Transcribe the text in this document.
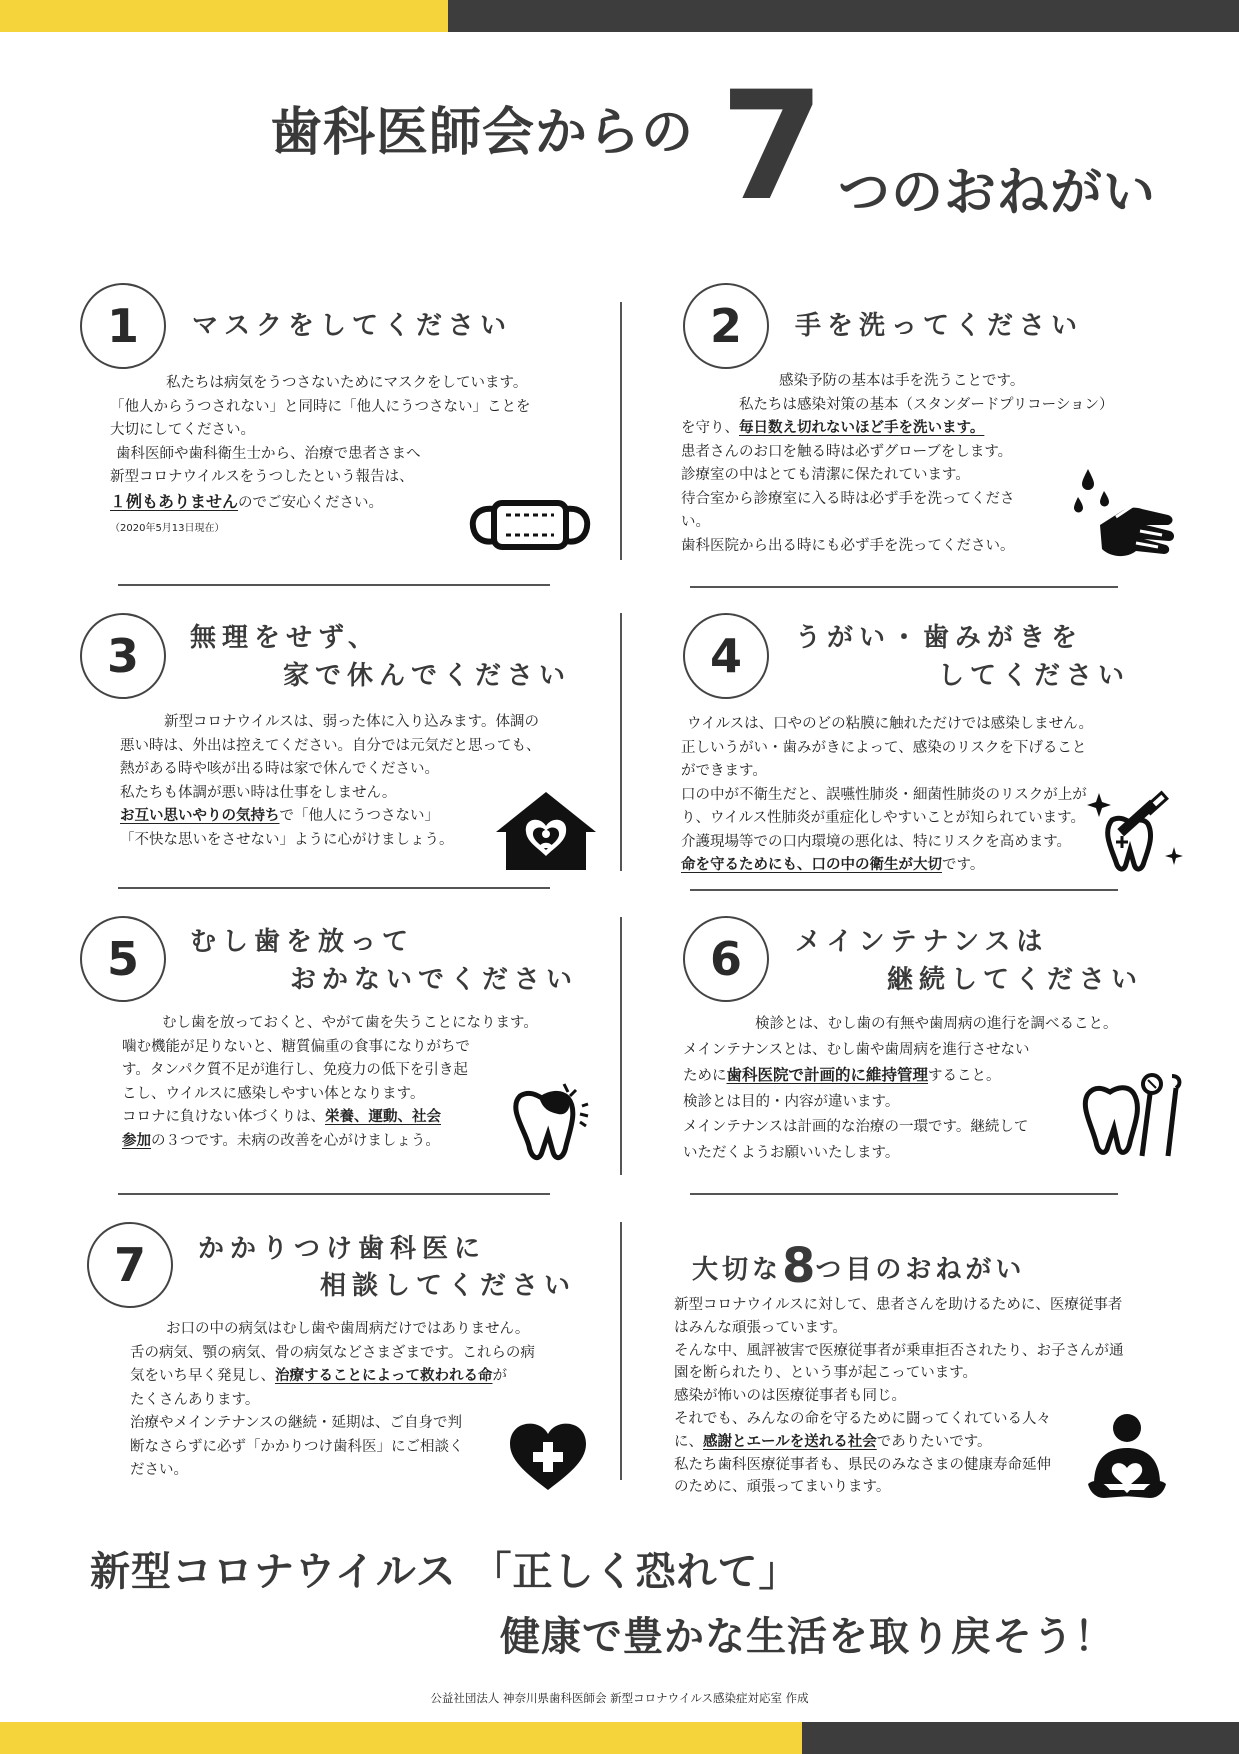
歯科医師会からの 7 つのおねがい
1	マスクをしてください

私たちは病気をうつさないためにマスクをしています。

「他人からうつされない」と同時に「他人にうつさない」ことを

大切にしてください。

歯科医師や歯科衛生士から、治療で患者さまへ

新型コロナウイルスをうつしたという報告は、

１例もありませんのでご安心ください。

（2020年5月13日現在）

2	手を洗ってください

感染予防の基本は手を洗うことです。

私たちは感染対策の基本（スタンダードプリコーション）

を守り、毎日数え切れないほど手を洗います。

患者さんのお口を触る時は必ずグローブをします。

診療室の中はとても清潔に保たれています。

待合室から診療室に入る時は必ず手を洗ってくださ

い。

歯科医院から出る時にも必ず手を洗ってください。

3	無理をせず、
家で休んでください

新型コロナウイルスは、弱った体に入り込みます。体調の

悪い時は、外出は控えてください。自分では元気だと思っても、

熱がある時や咳が出る時は家で休んでください。

私たちも体調が悪い時は仕事をしません。

お互い思いやりの気持ちで「他人にうつさない」

「不快な思いをさせない」ように心がけましょう。

4	うがい・歯みがきを
してください

ウイルスは、口やのどの粘膜に触れただけでは感染しません。

正しいうがい・歯みがきによって、感染のリスクを下げること

ができます。

口の中が不衛生だと、誤嚥性肺炎・細菌性肺炎のリスクが上が

り、ウイルス性肺炎が重症化しやすいことが知られています。

介護現場等での口内環境の悪化は、特にリスクを高めます。

命を守るためにも、口の中の衛生が大切です。

5	むし歯を放って
おかないでください

むし歯を放っておくと、やがて歯を失うことになります。

噛む機能が足りないと、糖質偏重の食事になりがちで

す。タンパク質不足が進行し、免疫力の低下を引き起

こし、ウイルスに感染しやすい体となります。

コロナに負けない体づくりは、栄養、運動、社会

参加の３つです。未病の改善を心がけましょう。

6	メインテナンスは
継続してください

検診とは、むし歯の有無や歯周病の進行を調べること。

メインテナンスとは、むし歯や歯周病を進行させない

ために歯科医院で計画的に維持管理すること。

検診とは目的・内容が違います。

メインテナンスは計画的な治療の一環です。継続して

いただくようお願いいたします。

7	かかりつけ歯科医に
相談してください

お口の中の病気はむし歯や歯周病だけではありません。

舌の病気、顎の病気、骨の病気などさまざまです。これらの病

気をいち早く発見し、治療することによって救われる命が

たくさんあります。

治療やメインテナンスの継続・延期は、ご自身で判

断なさらずに必ず「かかりつけ歯科医」にご相談く

ださい。

大切な8つ目のおねがい

新型コロナウイルスに対して、患者さんを助けるために、医療従事者

はみんな頑張っています。

そんな中、風評被害で医療従事者が乗車拒否されたり、お子さんが通

園を断られたり、という事が起こっています。

感染が怖いのは医療従事者も同じ。

それでも、みんなの命を守るために闘ってくれている人々

に、感謝とエールを送れる社会でありたいです。

私たち歯科医療従事者も、県民のみなさまの健康寿命延伸

のために、頑張ってまいります。

新型コロナウイルス 「正しく恐れて」
健康で豊かな生活を取り戻そう！
公益社団法人 神奈川県歯科医師会 新型コロナウイルス感染症対応室 作成
